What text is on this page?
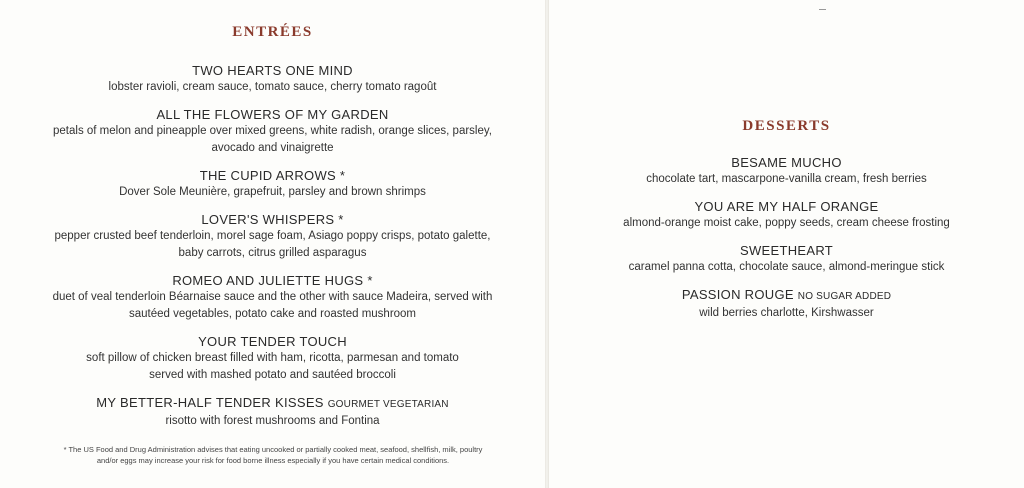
ENTRÉES
TWO HEARTS ONE MIND
lobster ravioli, cream sauce, tomato sauce, cherry tomato ragoût
ALL THE FLOWERS OF MY GARDEN
petals of melon and pineapple over mixed greens, white radish, orange slices, parsley,
avocado and vinaigrette
THE CUPID ARROWS *
Dover Sole Meunière, grapefruit, parsley and brown shrimps
LOVER'S WHISPERS *
pepper crusted beef tenderloin, morel sage foam, Asiago poppy crisps, potato galette,
baby carrots, citrus grilled asparagus
ROMEO AND JULIETTE HUGS *
duet of veal tenderloin Béarnaise sauce and the other with sauce Madeira, served with
sautéed vegetables, potato cake and roasted mushroom
YOUR TENDER TOUCH
soft pillow of chicken breast filled with ham, ricotta, parmesan and tomato
served with mashed potato and sautéed broccoli
MY BETTER-HALF TENDER KISSES GOURMET VEGETARIAN
risotto with forest mushrooms and Fontina
* The US Food and Drug Administration advises that eating uncooked or partially cooked meat, seafood, shellfish, milk, poultry
and/or eggs may increase your risk for food borne illness especially if you have certain medical conditions.
DESSERTS
BESAME MUCHO
chocolate tart, mascarpone-vanilla cream, fresh berries
YOU ARE MY HALF ORANGE
almond-orange moist cake, poppy seeds, cream cheese frosting
SWEETHEART
caramel panna cotta, chocolate sauce, almond-meringue stick
PASSION ROUGE NO SUGAR ADDED
wild berries charlotte, Kirshwasser
